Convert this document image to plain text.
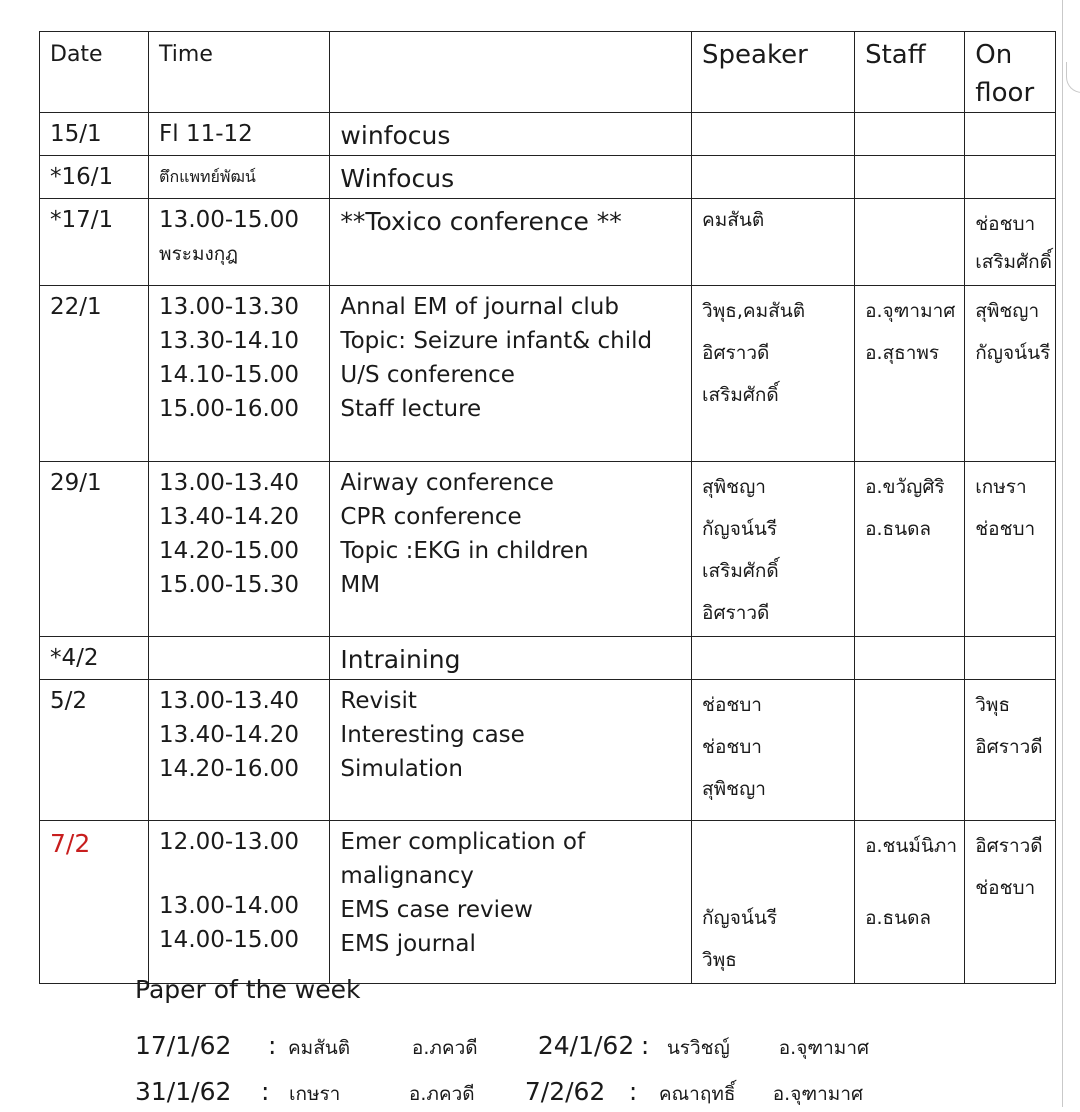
Date	Time		Speaker	Staff	On floor

15/1	Fl 11-12	winfocus			

*16/1	ตึกแพทย์พัฒน์	Winfocus			

*17/1	13.00-15.00
พระมงกุฎ	**Toxico conference **	คมสันติ		ช่อชบา
เสริมศักดิ์

22/1	13.00-13.30
13.30-14.10
14.10-15.00
15.00-16.00	Annal EM of journal club
Topic: Seizure infant& child
U/S conference
Staff lecture	วิพุธ,คมสันติ
อิศราวดี
เสริมศักดิ์	อ.จุฑามาศ
อ.สุธาพร	สุพิชญา
กัญจน์นรี

29/1	13.00-13.40
13.40-14.20
14.20-15.00
15.00-15.30	Airway conference
CPR conference
Topic :EKG in children
MM	สุพิชญา
กัญจน์นรี
เสริมศักดิ์
อิศราวดี	อ.ขวัญศิริ
อ.ธนดล	เกษรา
ช่อชบา

*4/2		Intraining			

5/2	13.00-13.40
13.40-14.20
14.20-16.00	Revisit
Interesting case
Simulation	ช่อชบา
ช่อชบา
สุพิชญา		วิพุธ
อิศราวดี

7/2	12.00-13.00
13.00-14.00
14.00-15.00	Emer complication of
malignancy
EMS case review
EMS journal	กัญจน์นรี
วิพุธ	อ.ชนม์นิภา
อ.ธนดล	อิศราวดี
ช่อชบา
Paper of the week
17/1/62 : คมสันติ	อ.ภควดี 24/1/62 : นรวิชญ์	อ.จุฑามาศ
31/1/62 : เกษรา	อ.ภควดี 7/2/62 : คณาฤทธิ์ อ.จุฑามาศ
